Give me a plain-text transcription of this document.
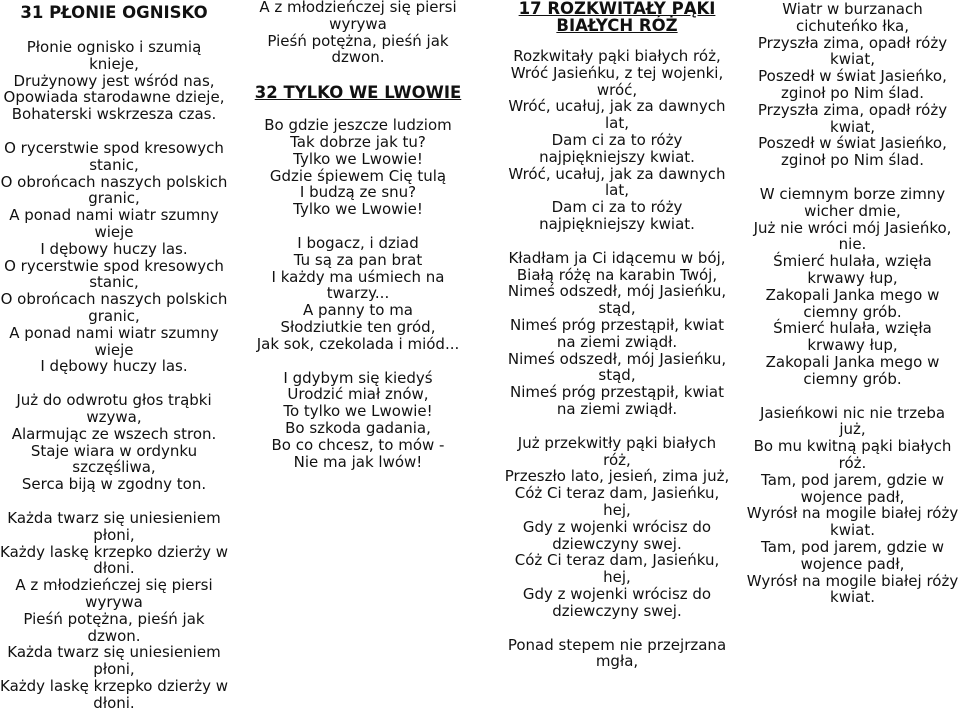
31 PŁONIE OGNISKO
Płonie ognisko i szumią knieje,
Drużynowy jest wśród nas,
Opowiada starodawne dzieje,
Bohaterski wskrzesza czas.
O rycerstwie spod kresowych stanic,
O obrońcach naszych polskich granic,
A ponad nami wiatr szumny wieje
I dębowy huczy las.
O rycerstwie spod kresowych stanic,
O obrońcach naszych polskich granic,
A ponad nami wiatr szumny wieje
I dębowy huczy las.
Już do odwrotu głos trąbki wzywa,
Alarmując ze wszech stron.
Staje wiara w ordynku szczęśliwa,
Serca biją w zgodny ton.
Każda twarz się uniesieniem płoni,
Każdy laskę krzepko dzierży w dłoni.
A z młodzieńczej się piersi wyrywa
Pieśń potężna, pieśń jak dzwon.
Każda twarz się uniesieniem płoni,
Każdy laskę krzepko dzierży w dłoni.
A z młodzieńczej się piersi wyrywa
Pieśń potężna, pieśń jak dzwon.
32 TYLKO WE LWOWIE
Bo gdzie jeszcze ludziom
Tak dobrze jak tu?
Tylko we Lwowie!
Gdzie śpiewem Cię tulą
I budzą ze snu?
Tylko we Lwowie!
I bogacz, i dziad
Tu są za pan brat
I każdy ma uśmiech na twarzy...
A panny to ma
Słodziutkie ten gród,
Jak sok, czekolada i miód...
I gdybym się kiedyś
Urodzić miał znów,
To tylko we Lwowie!
Bo szkoda gadania,
Bo co chcesz, to mów -
Nie ma jak lwów!
17 ROZKWITAŁY PĄKI BIAŁYCH RÓŻ
Rozkwitały pąki białych róż,
Wróć Jasieńku, z tej wojenki, wróć,
Wróć, ucałuj, jak za dawnych lat,
Dam ci za to róży najpiękniejszy kwiat.
Wróć, ucałuj, jak za dawnych lat,
Dam ci za to róży najpiękniejszy kwiat.
Kładłam ja Ci idącemu w bój,
Białą różę na karabin Twój,
Nimeś odszedł, mój Jasieńku, stąd,
Nimeś próg przestąpił, kwiat na ziemi zwiądł.
Nimeś odszedł, mój Jasieńku, stąd,
Nimeś próg przestąpił, kwiat na ziemi zwiądł.
Już przekwitły pąki białych róż,
Przeszło lato, jesień, zima już,
Cóż Ci teraz dam, Jasieńku, hej,
Gdy z wojenki wrócisz do dziewczyny swej.
Cóż Ci teraz dam, Jasieńku, hej,
Gdy z wojenki wrócisz do dziewczyny swej.
Ponad stepem nie przejrzana mgła,
Wiatr w burzanach cichuteńko łka,
Przyszła zima, opadł róży kwiat,
Poszedł w świat Jasieńko, zginoł po Nim ślad.
Przyszła zima, opadł róży kwiat,
Poszedł w świat Jasieńko, zginoł po Nim ślad.
W ciemnym borze zimny wicher dmie,
Już nie wróci mój Jasieńko, nie.
Śmierć hulała, wzięła krwawy łup,
Zakopali Janka mego w ciemny grób.
Śmierć hulała, wzięła krwawy łup,
Zakopali Janka mego w ciemny grób.
Jasieńkowi nic nie trzeba już,
Bo mu kwitną pąki białych róż.
Tam, pod jarem, gdzie w wojence padł,
Wyrósł na mogile białej róży kwiat.
Tam, pod jarem, gdzie w wojence padł,
Wyrósł na mogile białej róży kwiat.
